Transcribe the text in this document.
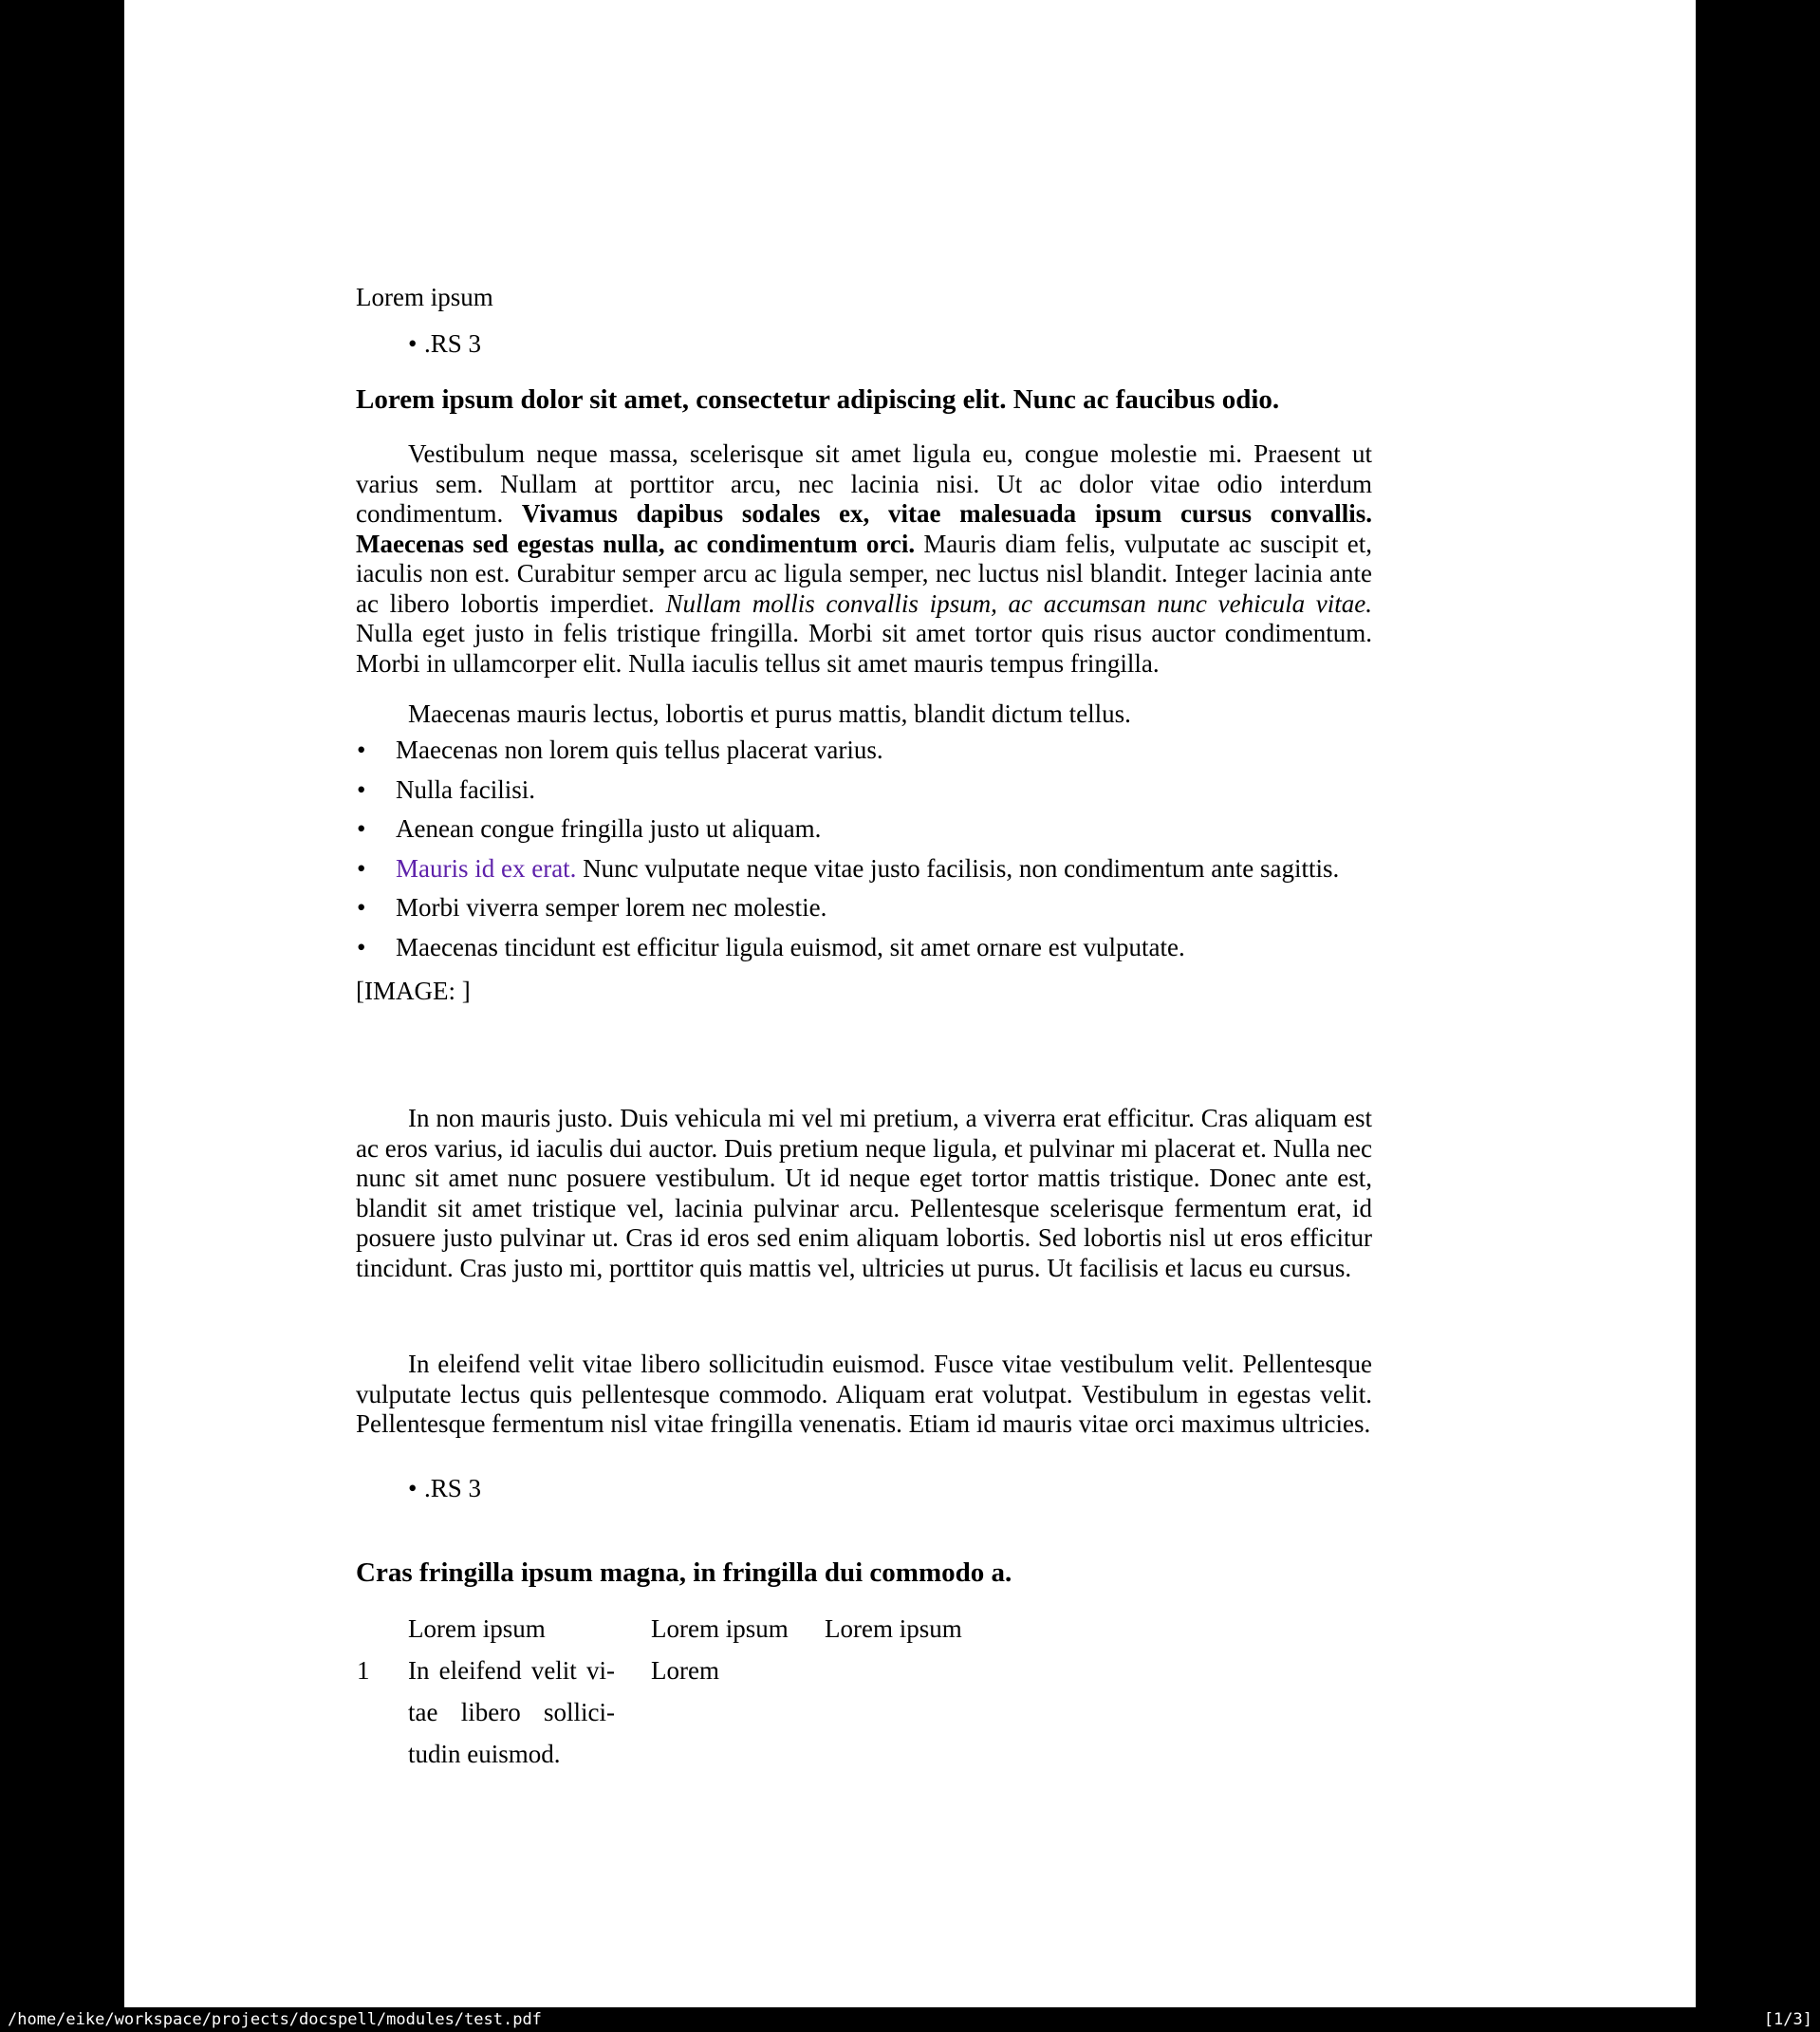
Lorem ipsum
• .RS 3
Lorem ipsum dolor sit amet, consectetur adipiscing elit. Nunc ac faucibus odio.
Vestibulum neque massa, scelerisque sit amet ligula eu, congue molestie mi. Praesent ut varius sem. Nullam at porttitor arcu, nec lacinia nisi. Ut ac dolor vitae odio interdum condimentum. Vivamus dapibus sodales ex, vitae malesuada ipsum cursus convallis. Maecenas sed egestas nulla, ac condimentum orci. Mauris diam felis, vulputate ac suscipit et, iaculis non est. Curabitur semper arcu ac ligula semper, nec luctus nisl blandit. Integer lacinia ante ac libero lobortis imperdiet. Nullam mollis convallis ipsum, ac accumsan nunc vehicula vitae. Nulla eget justo in felis tristique fringilla. Morbi sit amet tortor quis risus auctor condimentum. Morbi in ullamcorper elit. Nulla iaculis tellus sit amet mauris tempus fringilla.
Maecenas mauris lectus, lobortis et purus mattis, blandit dictum tellus.
• Maecenas non lorem quis tellus placerat varius.
• Nulla facilisi.
• Aenean congue fringilla justo ut aliquam.
• Mauris id ex erat. Nunc vulputate neque vitae justo facilisis, non condimentum ante sagittis.
• Morbi viverra semper lorem nec molestie.
• Maecenas tincidunt est efficitur ligula euismod, sit amet ornare est vulputate.
[IMAGE: ]
In non mauris justo. Duis vehicula mi vel mi pretium, a viverra erat efficitur. Cras aliquam est ac eros varius, id iaculis dui auctor. Duis pretium neque ligula, et pulvinar mi placerat et. Nulla nec nunc sit amet nunc posuere vestibulum. Ut id neque eget tortor mattis tristique. Donec ante est, blandit sit amet tristique vel, lacinia pulvinar arcu. Pellentesque scelerisque fermentum erat, id posuere justo pulvinar ut. Cras id eros sed enim aliquam lobortis. Sed lobortis nisl ut eros efficitur tincidunt. Cras justo mi, porttitor quis mattis vel, ultricies ut purus. Ut facilisis et lacus eu cursus.
In eleifend velit vitae libero sollicitudin euismod. Fusce vitae vestibulum velit. Pellentesque vulputate lectus quis pellentesque commodo. Aliquam erat volutpat. Vestibulum in egestas velit. Pellentesque fermentum nisl vitae fringilla venenatis. Etiam id mauris vitae orci maximus ultricies.
• .RS 3
Cras fringilla ipsum magna, in fringilla dui commodo a.
Lorem ipsum	Lorem ipsum Lorem ipsum
1 In eleifend velit vi-
tae libero sollici-
tudin euismod.
Lorem
/home/eike/workspace/projects/docspell/modules/test.pdf	[1/3]
